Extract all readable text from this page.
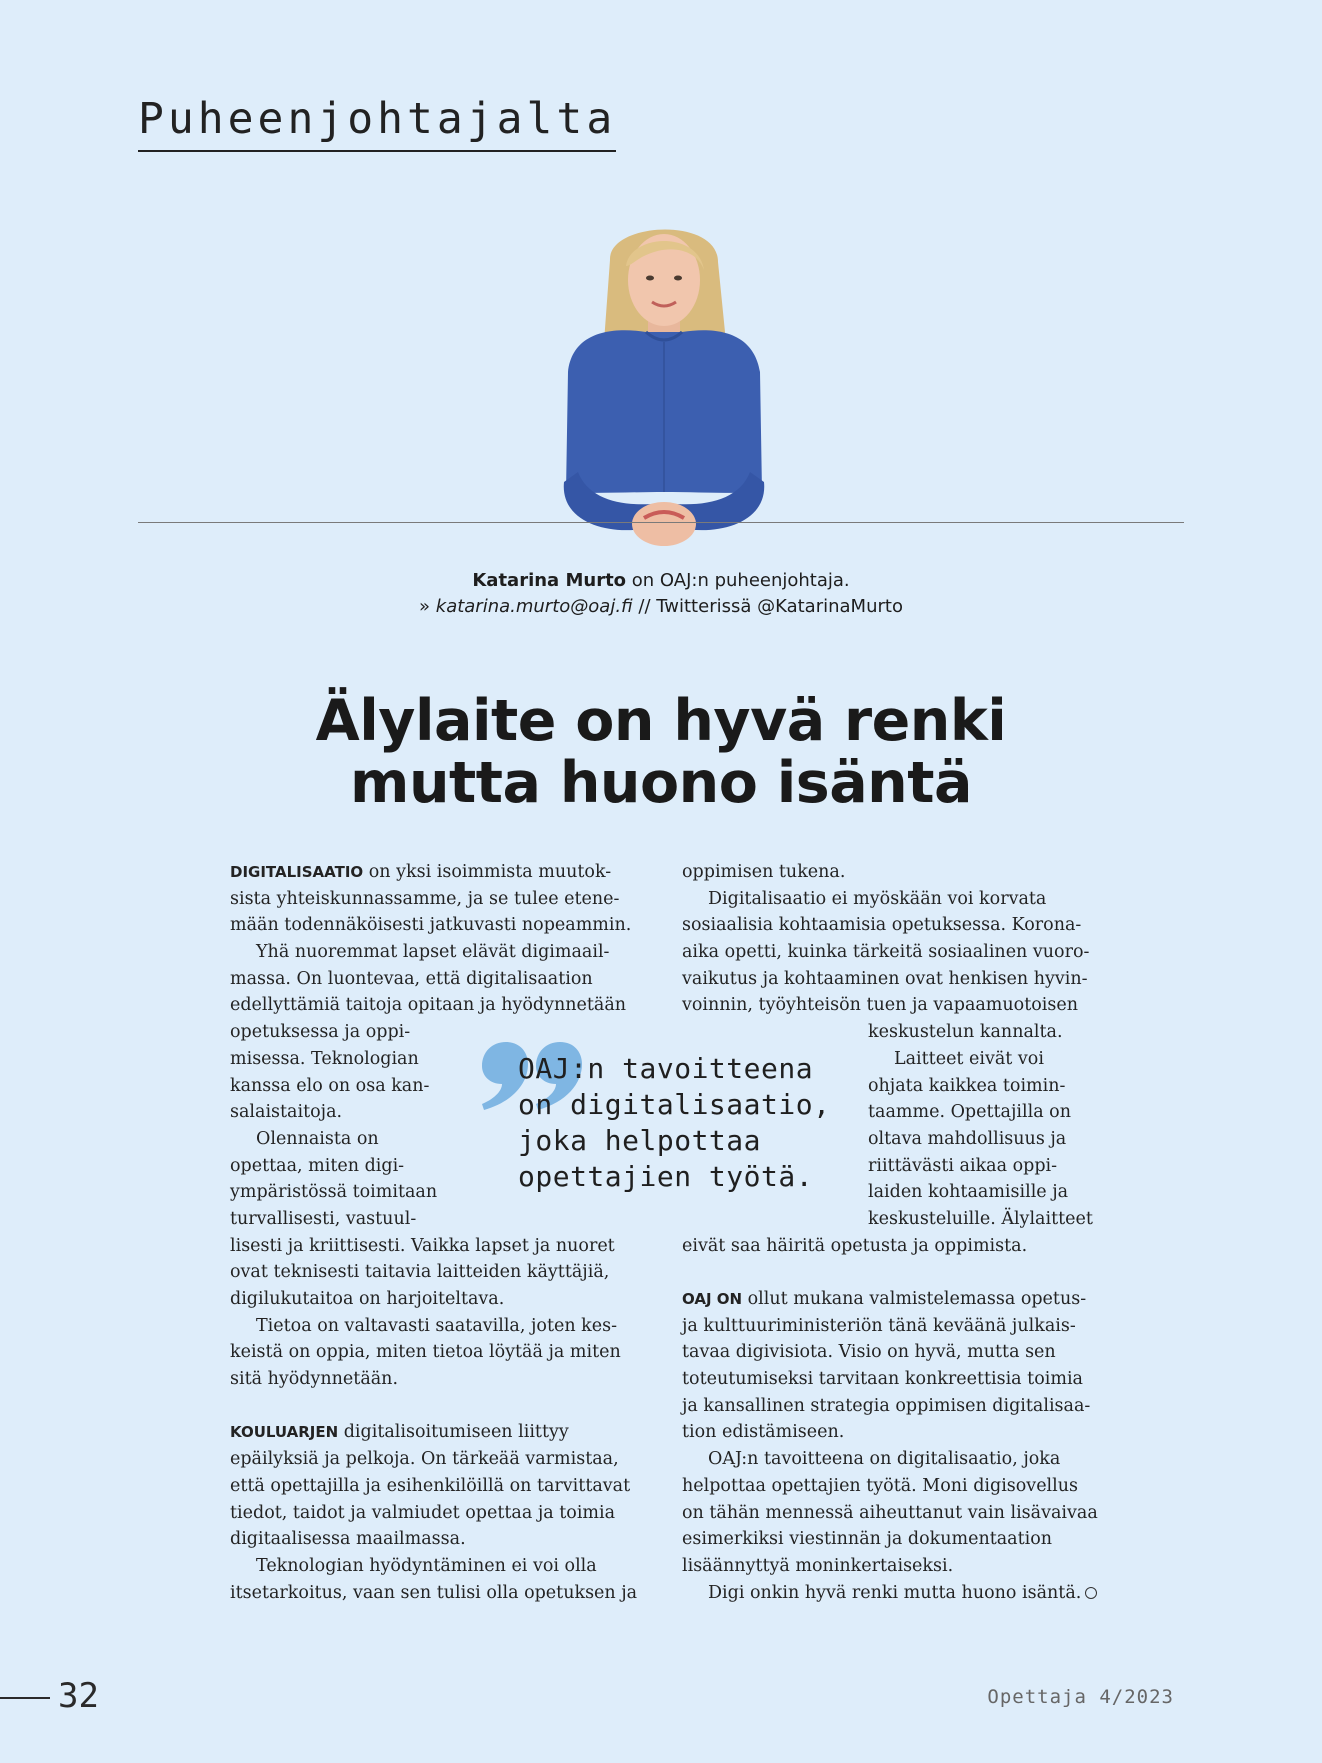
Puheenjohtajalta
Katarina Murto on OAJ:n puheenjohtaja.
» katarina.murto@oaj.fi // Twitterissä @KatarinaMurto
Älylaite on hyvä renki
mutta huono isäntä
DIGITALISAATIO on yksi isoimmista muutok-
sista yhteiskunnassamme, ja se tulee etene-
mään todennäköisesti jatkuvasti nopeammin.
Yhä nuoremmat lapset elävät digimaail-
massa. On luontevaa, että digitalisaation
edellyttämiä taitoja opitaan ja hyödynnetään
opetuksessa ja oppi-
misessa. Teknologian
kanssa elo on osa kan-
salaistaitoja.
Olennaista on
opettaa, miten digi-
ympäristössä toimitaan
turvallisesti, vastuul-
lisesti ja kriittisesti. Vaikka lapset ja nuoret
ovat teknisesti taitavia laitteiden käyttäjiä,
digilukutaitoa on harjoiteltava.
Tietoa on valtavasti saatavilla, joten kes-
keistä on oppia, miten tietoa löytää ja miten
sitä hyödynnetään.
KOULUARJEN digitalisoitumiseen liittyy
epäilyksiä ja pelkoja. On tärkeää varmistaa,
että opettajilla ja esihenkilöillä on tarvittavat
tiedot, taidot ja valmiudet opettaa ja toimia
digitaalisessa maailmassa.
Teknologian hyödyntäminen ei voi olla
itsetarkoitus, vaan sen tulisi olla opetuksen ja
oppimisen tukena.
Digitalisaatio ei myöskään voi korvata
sosiaalisia kohtaamisia opetuksessa. Korona-
aika opetti, kuinka tärkeitä sosiaalinen vuoro-
vaikutus ja kohtaaminen ovat henkisen hyvin-
voinnin, työyhteisön tuen ja vapaamuotoisen
keskustelun kannalta.
Laitteet eivät voi
ohjata kaikkea toimin-
taamme. Opettajilla on
oltava mahdollisuus ja
riittävästi aikaa oppi-
laiden kohtaamisille ja
keskusteluille. Älylaitteet
eivät saa häiritä opetusta ja oppimista.
OAJ ON ollut mukana valmistelemassa opetus-
ja kulttuuriministeriön tänä keväänä julkais-
tavaa digivisiota. Visio on hyvä, mutta sen
toteutumiseksi tarvitaan konkreettisia toimia
ja kansallinen strategia oppimisen digitalisaa-
tion edistämiseen.
OAJ:n tavoitteena on digitalisaatio, joka
helpottaa opettajien työtä. Moni digisovellus
on tähän mennessä aiheuttanut vain lisävaivaa
esimerkiksi viestinnän ja dokumentaation
lisäännyttyä moninkertaiseksi.
Digi onkin hyvä renki mutta huono isäntä.
OAJ:n tavoitteena
on digitalisaatio,
joka helpottaa
opettajien työtä.
32	Opettaja 4/2023
